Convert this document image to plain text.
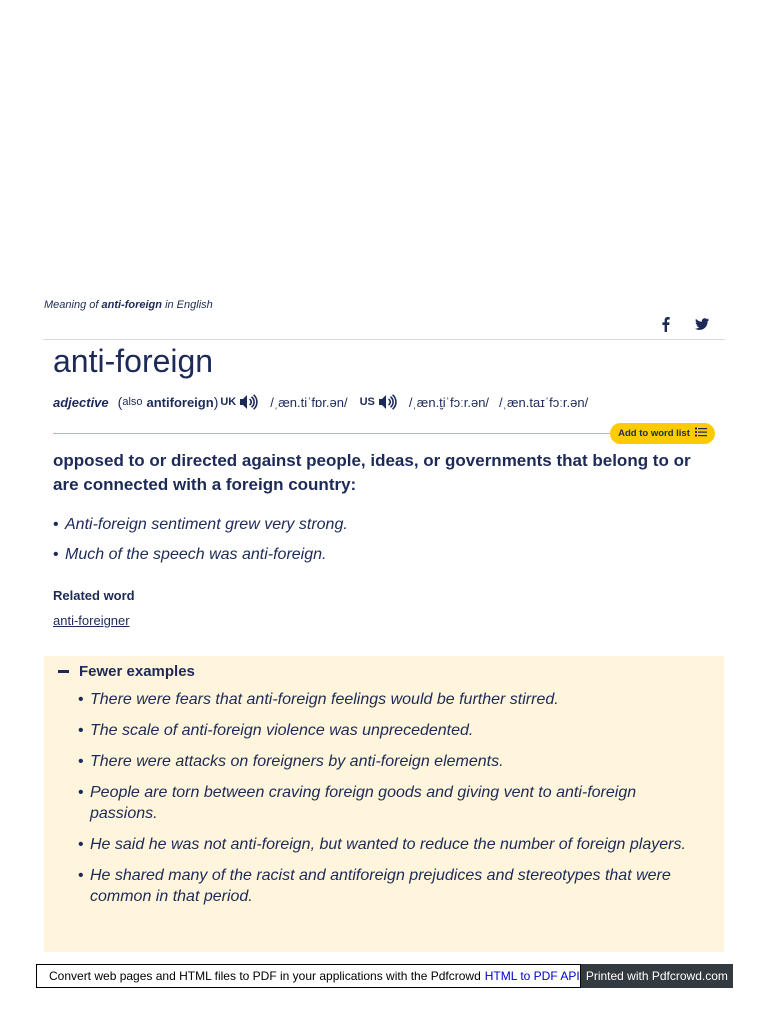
Meaning of anti-foreign in English
anti-foreign
adjective ( also antiforeign ) UK	/ˌæn.tiˈfɒr.ən/ US	/ˌæn.t̬iˈfɔːr.ən/ /ˌæn.taɪˈfɔːr.ən/
Add to word list
opposed to or directed against people, ideas, or governments that belong to or are connected with a foreign country:
• Anti-foreign sentiment grew very strong.
• Much of the speech was anti-foreign.
Related word
anti-foreigner
Fewer examples
• There were fears that anti-foreign feelings would be further stirred.
• The scale of anti-foreign violence was unprecedented.
• There were attacks on foreigners by anti-foreign elements.
• People are torn between craving foreign goods and giving vent to anti-foreign passions.
• He said he was not anti-foreign, but wanted to reduce the number of foreign players.
• He shared many of the racist and antiforeign prejudices and stereotypes that were common in that period.
Convert web pages and HTML files to PDF in your applications with the Pdfcrowd HTML to PDF API Printed with Pdfcrowd.com
